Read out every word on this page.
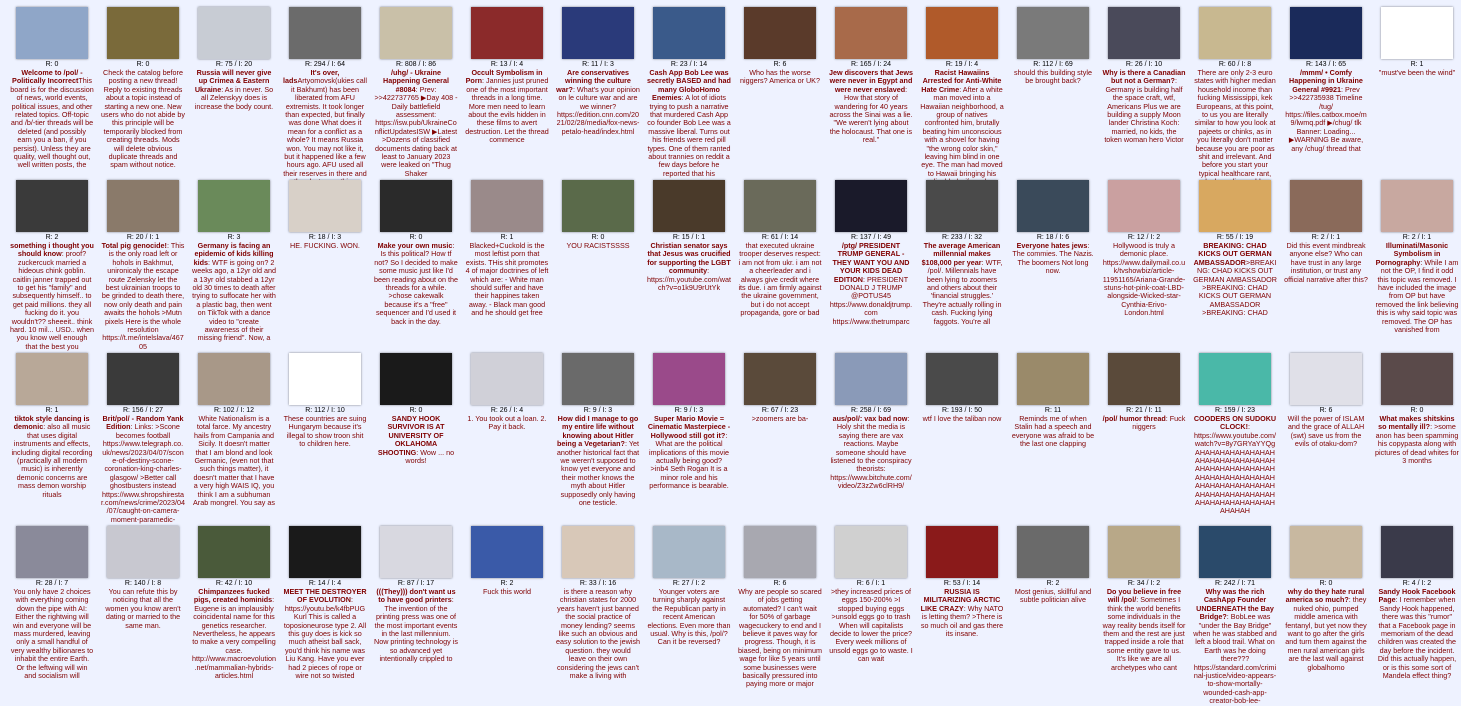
R: 0
Welcome to /pol/ - Politically IncorrectThis board is for the discussion of news, world events, political issues, and other related topics. Off-topic and /b/-tier threads will be deleted (and possibly earn you a ban, if you persist). Unless they are quality, well thought out, well written posts, the
R: 0
Check the catalog before posting a new thread! Reply to existing threads about a topic instead of starting a new one. New users who do not abide by this principle will be temporarily blocked from creating threads. Mods will delete obvious duplicate threads and spam without notice.
R: 75 / I: 20
Russia will never give up Crimea & Eastern Ukraine: As in never. So all Zelenskyy does is increase the body count.
R: 294 / I: 64
It's over, ladsArtyomovsk(ukies call it Bakhumt) has been liberated from AFU extremists. It took longer than expected, but finally was done What does it mean for a conflict as a whole? It means Russia won. You may not like it, but it happened like a few hours ago. AFU used all their reserves in there and
R: 808 / I: 86
/uhg/ - Ukraine Happening General #8084: Prev: >>422737765 ▶Day 408 - Daily battlefield assessment: https://isw.pub/UkraineConflictUpdatesISW ▶Latest >Dozens of classified documents dating back at least to January 2023 were leaked on "Thug Shaker
R: 13 / I: 4
Occult Symbolism in Porn: Jannies just pruned one of the most important threads in a long time. More men need to learn about the evils hidden in these films to avert destruction. Let the thread commence
R: 11 / I: 3
Are conservatives winning the culture war?: What's your opinion on le culture war and are we winner? https://edition.cnn.com/2021/02/28/media/fox-news-petalo-head/index.html
R: 23 / I: 14
Cash App Bob Lee was secretly BASED and had many GloboHomo Enemies: A lot of idiots trying to push a narrative that murdered Cash App co founder Bob Lee was a massive liberal. Turns out his friends were red pill types. One of them ranted about trannies on reddit a few days before he reported that his
R: 6
Who has the worse niggers? America or UK?
R: 165 / I: 24
Jew discovers that Jews were never in Egypt and were never enslaved: How that story of wandering for 40 years across the Sinai was a lie. "We weren't lying about the holocaust. That one is real."
R: 19 / I: 4
Racist Hawaiins Arrested for Anti-White Hate Crime: After a white man moved into a Hawaiian neighborhood, a group of natives confronted him, brutally beating him unconscious with a shovel for having "the wrong color skin," leaving him blind in one eye. The man had moved to Hawaii bringing his
R: 112 / I: 69
should this building style be brought back?
R: 26 / I: 10
Why is there a Canadian but not a German?: Germany is building half the space craft, wtf, Americans Plus we are building a supply Moon lander Christina Koch: married, no kids, the token woman hero Victor
R: 60 / I: 8
There are only 2-3 euro states with higher median household income than fucking Mississippi, kek Europeans, at this point, to us you are literally similar to how you look at pajeets or chinks, as in you literally don't matter because you are poor as shit and irrelevant. And before you start your typical healthcare rant,
R: 143 / I: 65
/mmm/ • Comfy Happening in Ukraine General #9921: Prev >>422735938 Timeline /tug/ https://files.catbox.moe/m9/lwmq.pdf ▶/chug/ tlk Banner: Loading... ▶WARNING Be aware, any /chug/ thread that
R: 1
"must've been the wind"
R: 2
something i thought you should know: proof? zuckercuck married a hideous chink goblin. caitlin janner trapped out to get his "family" and subsequently himself.. to get paid millions. they all fucking do it. you wouldn't?? sheeeit.. think hard. 10 mil... USD.. when you know well enough that the best you
R: 20 / I: 1
Total pig genocide!: This is the only road left or hohols in Bakhmut, unironicaly the escape route Zelensky let the best ukrainian troops to be grinded to death there, now only death and pain awaits the hohols >Mutn pixels Here is the whole resolution https://t.me/intelslava/46705
R: 3
Germany is facing an epidemic of kids killing kids: WTF is going on? 2 weeks ago, a 12yr old and a 13yr old stabbed a 12yr old 30 times to death after trying to suffocate her with a plastic bag, then went on TikTok with a dance video to "create awareness of their missing friend". Now, a
R: 18 / I: 3
HE. FUCKING. WON.
R: 0
Make your own music: Is this political? How tf not? So I decided to make some music just like I'd been reading about on the threads for a while. >chose cakewalk because it's a "free" sequencer and I'd used it back in the day.
R: 1
Blacked+Cuckold is the most leftist porn that exists. THis shit promotes 4 of major doctrines of left which are: - White man should suffer and have their happines taken away. - Black man good and he should get free
R: 0
YOU RACISTSSSS
R: 15 / I: 1
Christian senator says that Jesus was crucified for supporting the LGBT community: https://m.youtube.com/watch?v=o1k9U9rUtYk
R: 61 / I: 14
that executed ukraine trooper deserves respect: i am not from ukr. i am not a cheerleader and i always give credit where its due. i am firmly against the ukraine government, but i do not accept propaganda, gore or bad
R: 137 / I: 49
/ptg/ PRESIDENT TRUMP GENERAL - THEY WANT YOU AND YOUR KIDS DEAD EDITION: PRESIDENT DONALD J TRUMP @POTUS45 https://www.donaldjtrump.com https://www.thetrumparc
R: 233 / I: 32
The average American millennial makes $108,000 per year: WTF, /pol/. Millennials have been lying to zoomers and others about their 'financial struggles.' They're actually rolling in cash. Fucking lying faggots. You're all
R: 18 / I: 6
Everyone hates jews: The commies. The Nazis. The boomers Not long now.
R: 12 / I: 2
Hollywood is truly a demonic place. https://www.dailymail.co.uk/tvshowbiz/article-11951165/Ariana-Grande-stuns-hot-pink-coat-LBD-alongside-Wicked-star-Cynthia-Erivo-London.html
R: 55 / I: 19
BREAKING: CHAD KICKS OUT GERMAN AMBASSADOR>BREAKING: CHAD KICKS OUT GERMAN AMBASSADOR >BREAKING: CHAD KICKS OUT GERMAN AMBASSADOR >BREAKING: CHAD
R: 2 / I: 1
Did this event mindbreak anyone else? Who can have trust in any large institution, or trust any official narrative after this?
R: 2 / I: 1
Illuminati/Masonic Symbolism in Pornography: While I am not the OP, I find it odd this topic was removed. I have included the image from OP but have removed the link believing this is why said topic was removed. The OP has vanished from
R: 1
tiktok style dancing is demonic: also all music that uses digital instruments and effects, including digital recording (practically all modern music) is inherently demonic concerns are mass demon worship rituals
R: 156 / I: 27
Brit/pol/ - Random Yank Edition: Links: >Scone becomes football https://www.telegraph.co.uk/news/2023/04/07/scone-of-destiny-scone-coronation-king-charles-glasgow/ >Better call ghostbusters instead https://www.shropshirestar.com/news/crime/2023/04/07/caught-on-camera-moment-paramedic-
R: 102 / I: 12
White Nationalism is a total farce. My ancestry hails from Campania and Sicily. It doesn't matter that I am blond and look Germanic, (even not that such things matter), it doesn't matter that I have a very high WAIS IQ, you think I am a subhuman Arab mongrel. You say as
R: 112 / I: 10
These countries are suing Hungarym because it's illegal to show troon shit to children here.
R: 0
SANDY HOOK SURVIVOR IS AT UNIVERSITY OF OKLAHOMA SHOOTING: Wow ... no words!
R: 26 / I: 4
1. You took out a loan. 2. Pay it back.
R: 9 / I: 3
How did I manage to go my entire life without knowing about Hitler being a Vegetarian?: Yet another historical fact that we weren't supposed to know yet everyone and their mother knows the myth about Hitler supposedly only having one testicle.
R: 9 / I: 3
Super Mario Movie = Cinematic Masterpiece - Hollywood still got it?: What are the political implications of this movie actually being good? >inb4 Seth Rogan It is a minor role and his performance is bearable.
R: 67 / I: 23
>zoomers are ba-
R: 258 / I: 69
aus/pol/: vax bad now: Holy shit the media is saying there are vax reactions. Maybe someone should have listened to the conspiracy theorists: https://www.bitchute.com/video/Z3zZw6clRH9/
R: 193 / I: 50
wtf I love the taliban now
R: 11
Reminds me of when Stalin had a speech and everyone was afraid to be the last one clapping
R: 21 / I: 11
/pol/ humor thread: Fuck niggers
R: 159 / I: 23
COODERS ON SUDOKU CLOCK!: https://www.youtube.com/watch?v=8y7GRYaYYQg AHAHAHAHAHAHAHAHAHAHAHAHAHAHAHAHAHAHAHAHAHAHAHAHAHAHAHAHAHAHAHAHAHAHAHAHAHAHAHAHAHAHAHAHAHAHAHAHAHAHAHAHAHAHAHAHAHAHAH
R: 6
Will the power of ISLAM and the grace of ALLAH (swt) save us from the evils of otaku-dom?
R: 0
What makes shitskins so mentally ill?: >some anon has been spamming his copypasta along with pictures of dead whites for 3 months
R: 28 / I: 7
You only have 2 choices with everything coming down the pipe with AI: Either the rightwing will win and everyone will be mass murdered, leaving only a small handful of very wealthy billionares to inhabit the entire Earth. Or the leftwing will win and socialism will
R: 140 / I: 8
You can refute this by noticing that all the women you know aren't dating or married to the same man.
R: 42 / I: 10
Chimpanzees fucked pigs, created hominids: Eugene is an implausibly coincidental name for this genetics researcher. Nevertheless, he appears to make a very compelling case. http://www.macroevolution.net/mammalian-hybrids-articles.html
R: 14 / I: 4
MEET THE DESTROYER OF EVOLUTION: https://youtu.be/k4fbPUG Kurl This is called a toposioneurose type 2. All this guy does is kick so much atheist ball sack, you'd think his name was Liu Kang. Have you ever had 2 pieces of rope or wire not so twisted
R: 87 / I: 17
(((They))) don't want us to have good printers: The invention of the printing press was one of the most important events in the last millennium. Now printing technology is so advanced yet intentionally crippled to
R: 2
Fuck this world
R: 33 / I: 16
is there a reason why christian states for 2000 years haven't just banned the social practice of money lending? seems like such an obvious and easy solution to the jewish question. they would leave on their own considering the jews can't make a living with
R: 27 / I: 2
Younger voters are turning sharply against the Republican party in recent American elections. Even more than usual. Why is this, /pol/? Can it be reversed?
R: 6
Why are people so scared of jobs getting automated? I can't wait for 50% of garbage wagecuckery to end and I believe it paves way for progress. Though, it is biased, being on minimum wage for like 5 years until some businesses were basically pressured into paying more or major
R: 6 / I: 1
>they increased prices of eggs 150-200% >I stopped buying eggs >unsold eggs go to trash When will capitalists decide to lower the price? Every week millions of unsold eggs go to waste. I can wait
R: 53 / I: 14
RUSSIA IS MILITARIZING ARCTIC LIKE CRAZY: Why NATO is letting them? >There is so much oil and gas there its insane.
R: 2
Most genius, skillful and subtle politician alive
R: 34 / I: 2
Do you believe in free will /pol/: Sometimes I think the world benefits some individuals in the way reality bends itself for them and the rest are just trapped inside a role that some entity gave to us. It's like we are all archetypes who cant
R: 242 / I: 71
Why was the rich CashApp Founder UNDERNEATH the Bay Bridge?: BobLee was "under the Bay Bridge" when he was stabbed and left a blood trail. What on Earth was he doing there??? https://standard.com/criminal-justice/video-appears-to-show-mortally-wounded-cash-app-creator-bob-lee-
R: 0
why do they hate rural america so much?: they nuked ohio, pumped middle america with fentanyl, but yet now they want to go after the girls and turn them against the men rural american girls are the last wall against globalhomo
R: 4 / I: 2
Sandy Hook Facebook Page: I remember when Sandy Hook happened, there was this "rumor" that a Facebook page in memoriam of the dead children was created the day before the incident. Did this actually happen, or is this some sort of Mandela effect thing?
